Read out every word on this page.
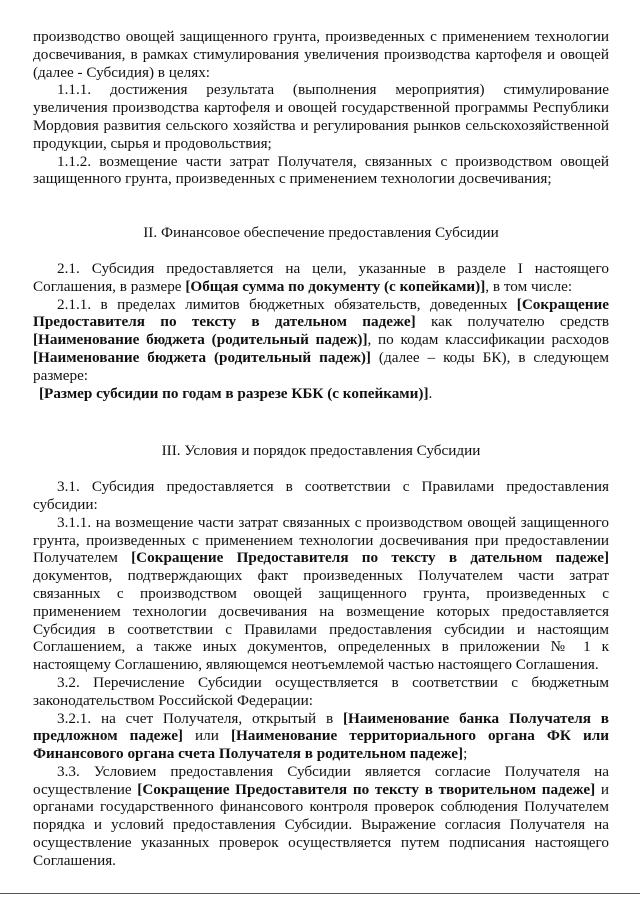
производство овощей защищенного грунта, произведенных с применением технологии досвечивания, в рамках стимулирования увеличения производства картофеля и овощей (далее - Субсидия) в целях:

1.1.1. достижения результата (выполнения мероприятия) стимулирование увеличения производства картофеля и овощей государственной программы Республики Мордовия развития сельского хозяйства и регулирования рынков сельскохозяйственной продукции, сырья и продовольствия;

1.1.2. возмещение части затрат Получателя, связанных с производством овощей защищенного грунта, произведенных с применением технологии досвечивания;

II. Финансовое обеспечение предоставления Субсидии

2.1. Субсидия предоставляется на цели, указанные в разделе I настоящего Соглашения, в размере [Общая сумма по документу (с копейками)], в том числе:

2.1.1. в пределах лимитов бюджетных обязательств, доведенных [Сокращение Предоставителя по тексту в дательном падеже] как получателю средств [Наименование бюджета (родительный падеж)], по кодам классификации расходов [Наименование бюджета (родительный падеж)] (далее – коды БК), в следующем размере:

[Размер субсидии по годам в разрезе КБК (с копейками)].

III. Условия и порядок предоставления Субсидии

3.1. Субсидия предоставляется в соответствии с Правилами предоставления субсидии:

3.1.1. на возмещение части затрат связанных с производством овощей защищенного грунта, произведенных с применением технологии досвечивания при предоставлении Получателем [Сокращение Предоставителя по тексту в дательном падеже] документов, подтверждающих факт произведенных Получателем части затрат связанных с производством овощей защищенного грунта, произведенных с применением технологии досвечивания на возмещение которых предоставляется Субсидия в соответствии с Правилами предоставления субсидии и настоящим Соглашением, а также иных документов, определенных в приложении № 1 к настоящему Соглашению, являющемся неотъемлемой частью настоящего Соглашения.

3.2. Перечисление Субсидии осуществляется в соответствии с бюджетным законодательством Российской Федерации:

3.2.1. на счет Получателя, открытый в [Наименование банка Получателя в предложном падеже] или [Наименование территориального органа ФК или Финансового органа счета Получателя в родительном падеже];

3.3. Условием предоставления Субсидии является согласие Получателя на осуществление [Сокращение Предоставителя по тексту в творительном падеже] и органами государственного финансового контроля проверок соблюдения Получателем порядка и условий предоставления Субсидии. Выражение согласия Получателя на осуществление указанных проверок осуществляется путем подписания настоящего Соглашения.
